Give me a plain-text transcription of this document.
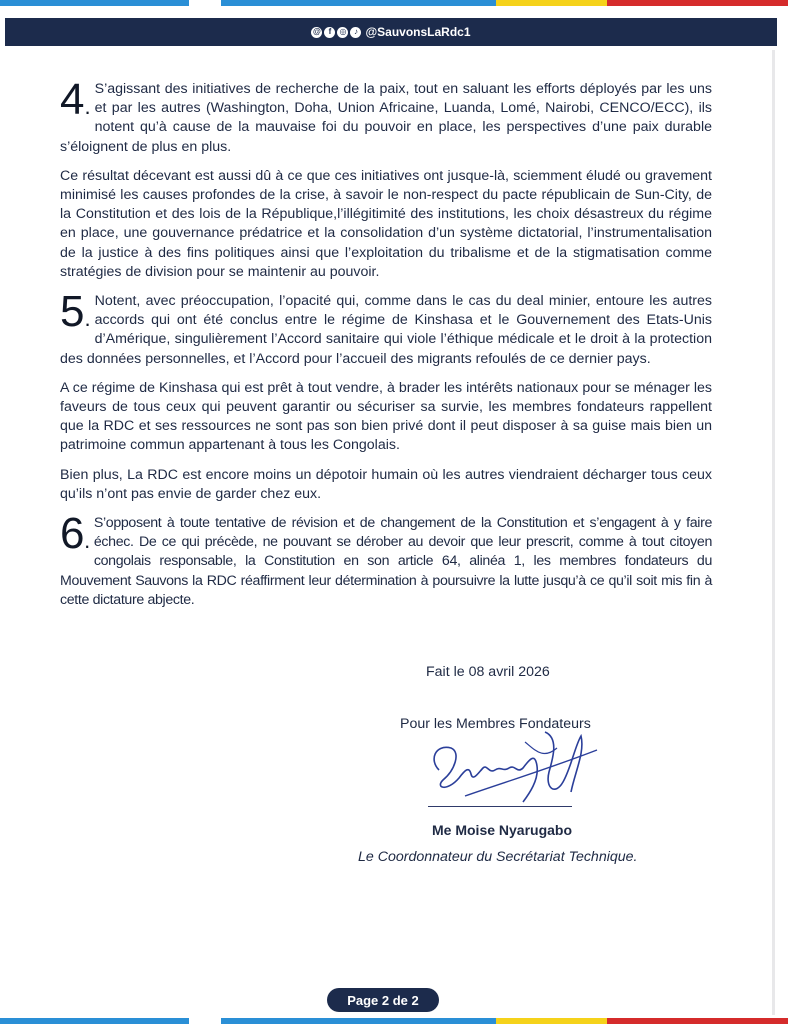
@ f	◎ ♪ @SauvonsLaRdc1
4.
S’agissant des initiatives de recherche de la paix, tout en saluant les efforts déployés par les uns et par les autres (Washington, Doha, Union Africaine, Luanda, Lomé, Nairobi, CENCO/ECC), ils notent qu’à cause de la mauvaise foi du pouvoir en place, les perspectives d’une paix durable s’éloignent de plus en plus.
Ce résultat décevant est aussi dû à ce que ces initiatives ont jusque-là, sciemment éludé ou gravement minimisé les causes profondes de la crise, à savoir le non-respect du pacte républicain de Sun-City, de la Constitution et des lois de la République,l’illégitimité des institutions, les choix désastreux du régime en place, une gouvernance prédatrice et la consolidation d’un système dictatorial, l’instrumentalisation de la justice à des fins politiques ainsi que l’exploitation du tribalisme et de la stigmatisation comme stratégies de division pour se maintenir au pouvoir.
5.
Notent, avec préoccupation, l’opacité qui, comme dans le cas du deal minier, entoure les autres accords qui ont été conclus entre le régime de Kinshasa et le Gouvernement des Etats-Unis d’Amérique, singulièrement l’Accord sanitaire qui viole l’éthique médicale et le droit à la protection des données personnelles, et l’Accord pour l’accueil des migrants refoulés de ce dernier pays.
A ce régime de Kinshasa qui est prêt à tout vendre, à brader les intérêts nationaux pour se ménager les faveurs de tous ceux qui peuvent garantir ou sécuriser sa survie, les membres fondateurs rappellent que la RDC et ses ressources ne sont pas son bien privé dont il peut disposer à sa guise mais bien un patrimoine commun appartenant à tous les Congolais.
Bien plus, La RDC est encore moins un dépotoir humain où les autres viendraient décharger tous ceux qu’ils n’ont pas envie de garder chez eux.
6.
S’opposent à toute tentative de révision et de changement de la Constitution et s’engagent à y faire échec. De ce qui précède, ne pouvant se dérober au devoir que leur prescrit, comme à tout citoyen congolais responsable, la Constitution en son article 64, alinéa 1, les membres fondateurs du Mouvement Sauvons la RDC réaffirment leur détermination à poursuivre la lutte jusqu’à ce qu’il soit mis fin à cette dictature abjecte.
Fait le 08 avril 2026
Pour les Membres Fondateurs
Me Moise Nyarugabo
Le Coordonnateur du Secrétariat Technique.
Page 2 de 2
